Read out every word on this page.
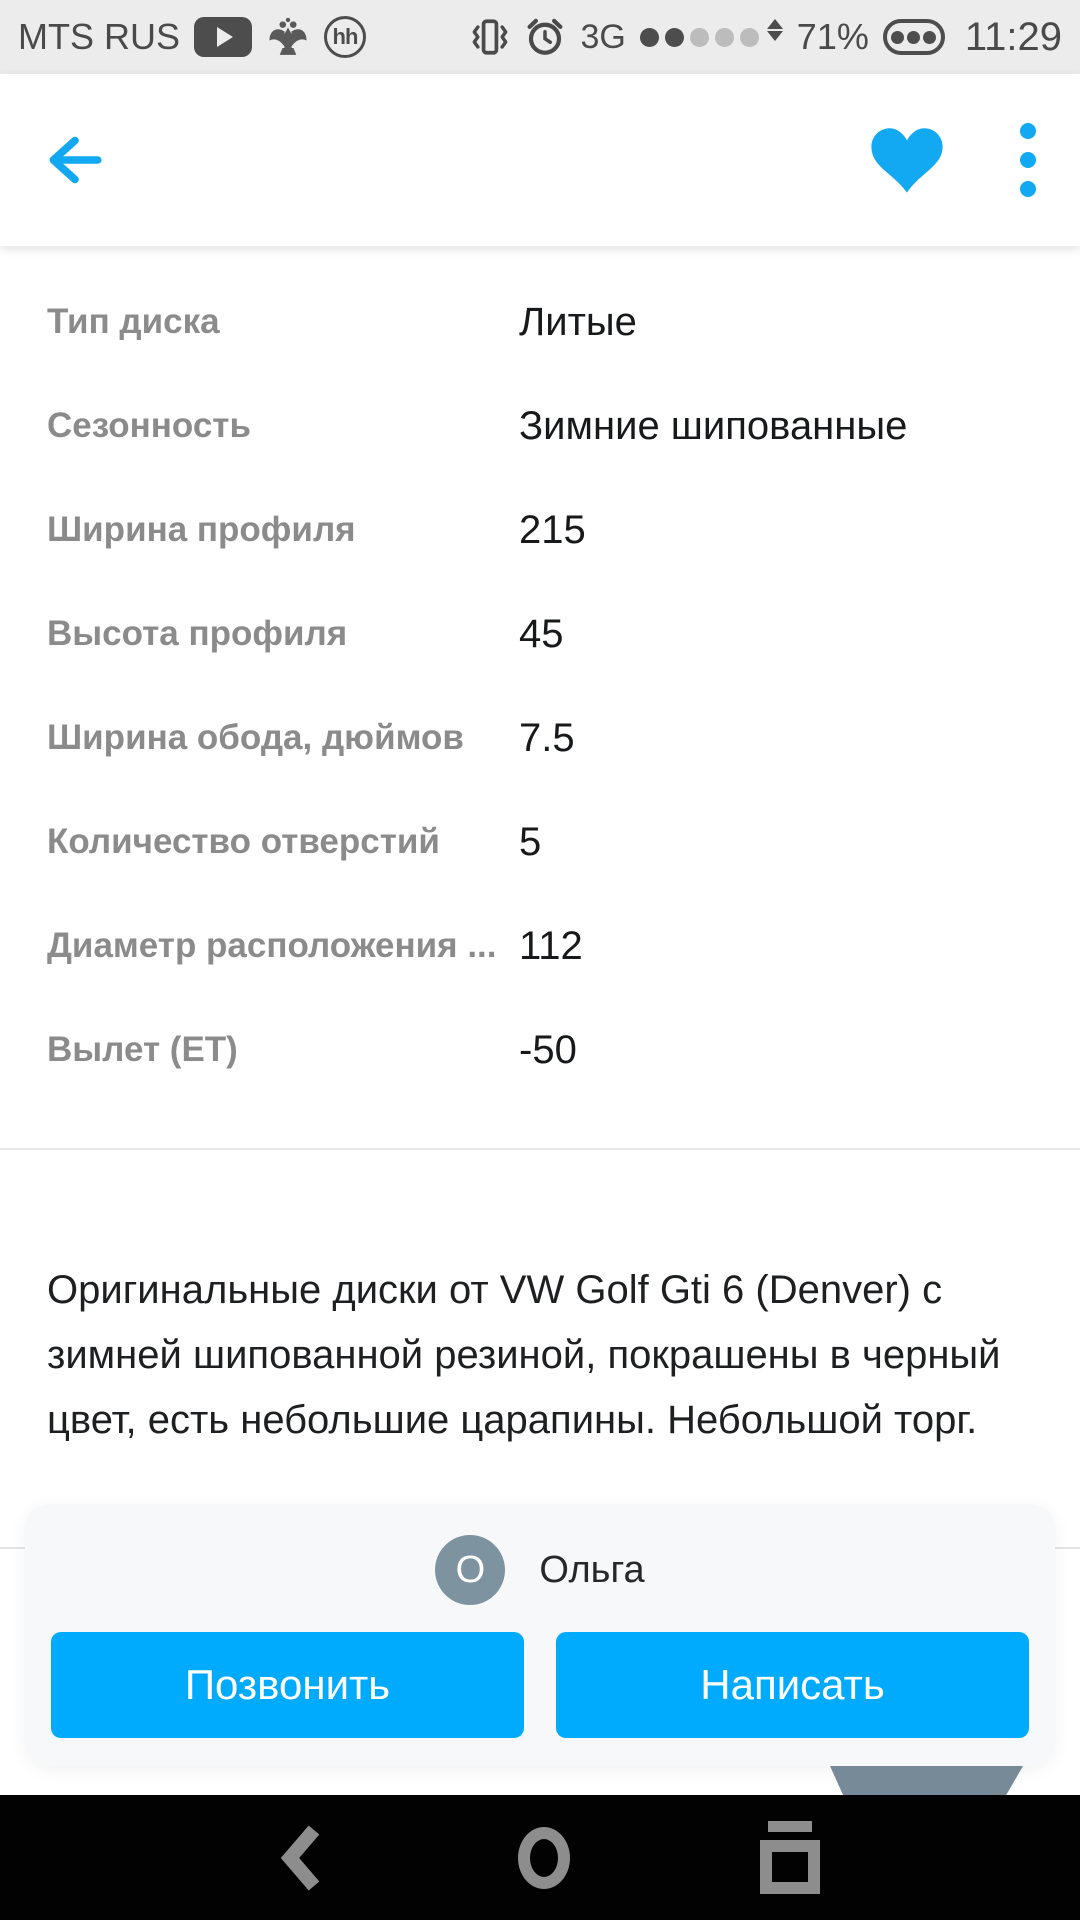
MTS RUS	hh	3G	71% 11:29
Тип диска	Литые
Сезонность	Зимние шипованные
Ширина профиля	215
Высота профиля	45
Ширина обода, дюймов	7.5
Количество отверстий	5
Диаметр расположения ... 112
Вылет (ET)	-50

Оригинальные диски от VW Golf Gti 6 (Denver) с зимней шипованной резиной, покрашены в черный цвет, есть небольшие царапины. Небольшой торг.

О	Ольга
Позвонить	Написать
